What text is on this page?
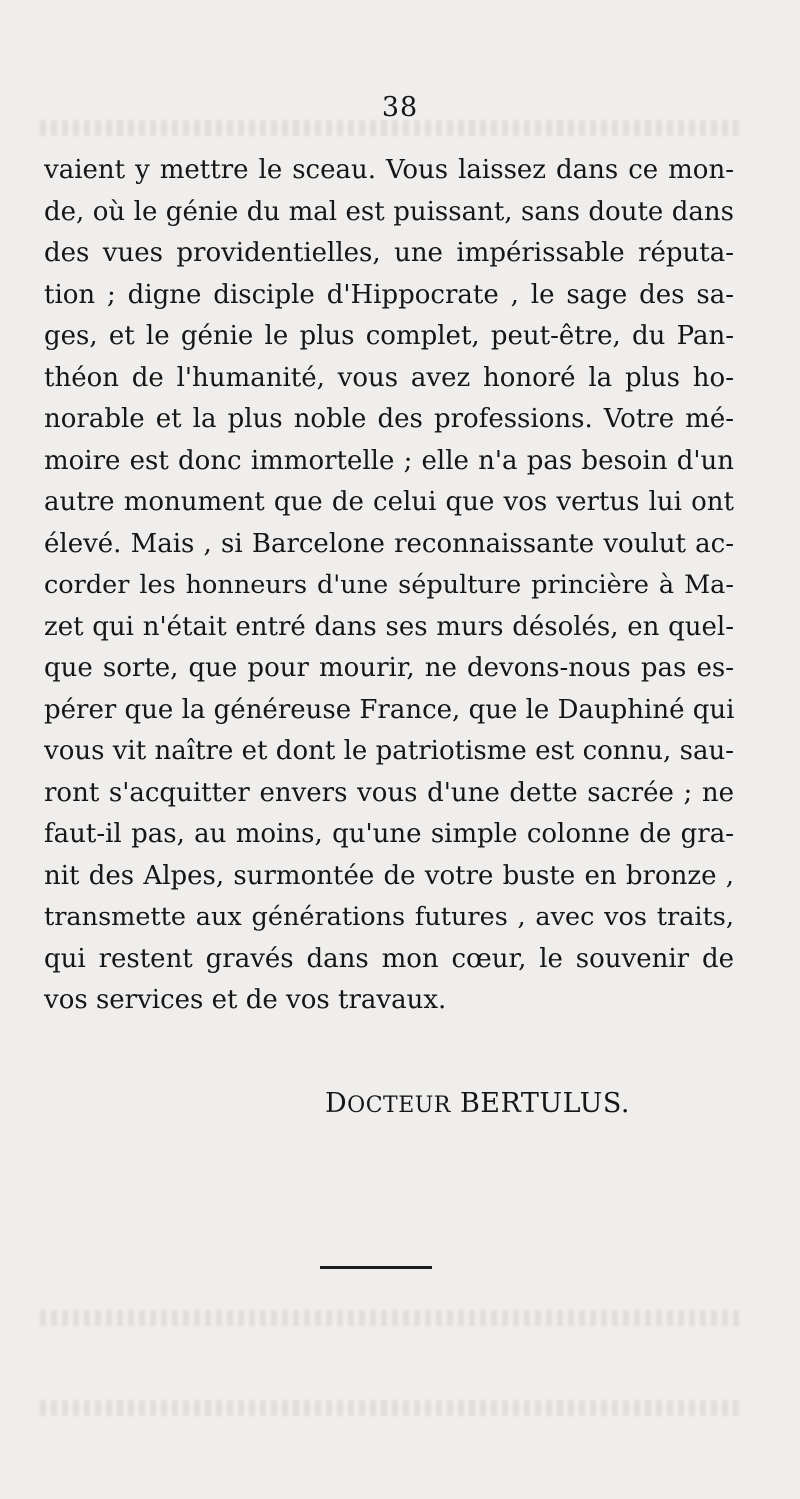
38
vaient y mettre le sceau. Vous laissez dans ce mon-
de, où le génie du mal est puissant, sans doute dans
des vues providentielles, une impérissable réputa-
tion ; digne disciple d'Hippocrate , le sage des sa-
ges, et le génie le plus complet, peut-être, du Pan-
théon de l'humanité, vous avez honoré la plus ho-
norable et la plus noble des professions. Votre mé-
moire est donc immortelle ; elle n'a pas besoin d'un
autre monument que de celui que vos vertus lui ont
élevé. Mais , si Barcelone reconnaissante voulut ac-
corder les honneurs d'une sépulture princière à Ma-
zet qui n'était entré dans ses murs désolés, en quel-
que sorte, que pour mourir, ne devons-nous pas es-
pérer que la généreuse France, que le Dauphiné qui
vous vit naître et dont le patriotisme est connu, sau-
ront s'acquitter envers vous d'une dette sacrée ; ne
faut-il pas, au moins, qu'une simple colonne de gra-
nit des Alpes, surmontée de votre buste en bronze ,
transmette aux générations futures , avec vos traits,
qui restent gravés dans mon cœur, le souvenir de
vos services et de vos travaux.
DOCTEUR BERTULUS.
